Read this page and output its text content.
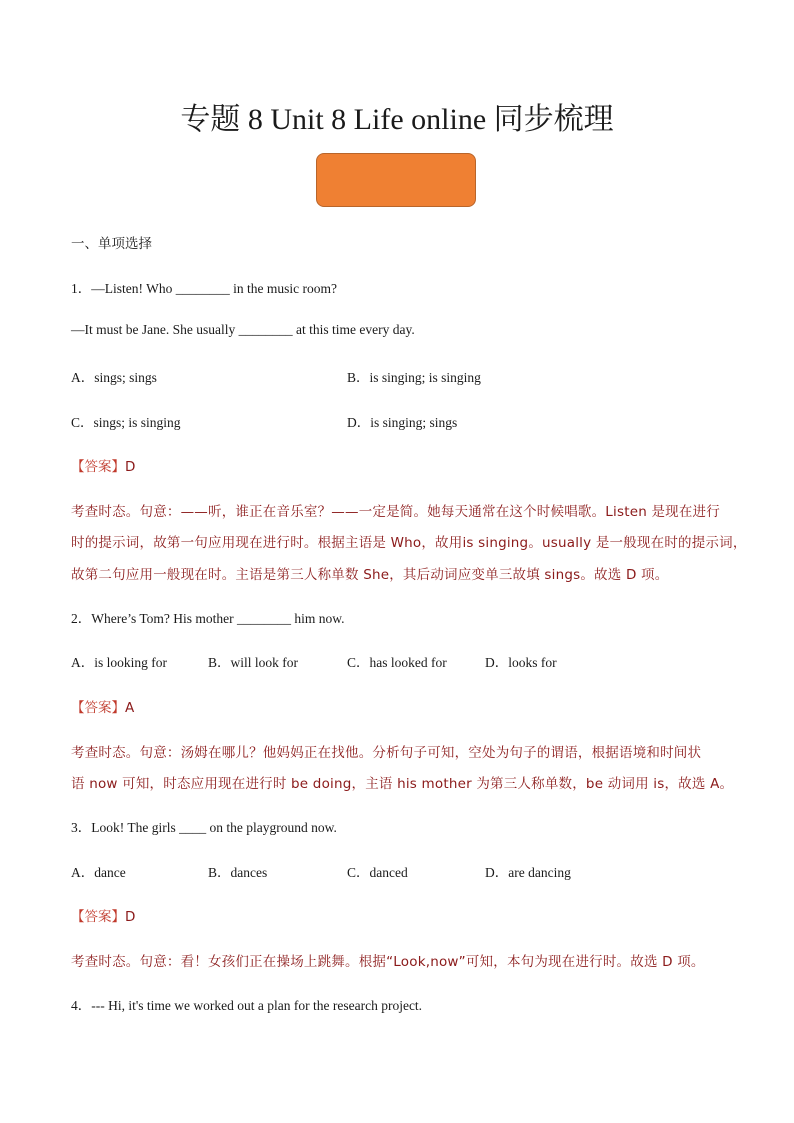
专题 8 Unit 8 Life online 同步梳理
一、单项选择
1．—Listen! Who ________ in the music room?
—It must be Jane. She usually ________ at this time every day.
A．sings; sings	B．is singing; is singing
C．sings; is singing	D．is singing; sings
【答案】D
考查时态。句意：——听，谁正在音乐室？——一定是简。她每天通常在这个时候唱歌。Listen 是现在进行
时的提示词，故第一句应用现在进行时。根据主语是 Who，故用is singing。usually 是一般现在时的提示词，
故第二句应用一般现在时。主语是第三人称单数 She，其后动词应变单三故填 sings。故选 D 项。
2．Where’s Tom? His mother ________ him now.
A．is looking for	B．will look for	C．has looked for	D．looks for
【答案】A
考查时态。句意：汤姆在哪儿？他妈妈正在找他。分析句子可知，空处为句子的谓语，根据语境和时间状
语 now 可知，时态应用现在进行时 be doing，主语 his mother 为第三人称单数，be 动词用 is，故选 A。
3．Look! The girls ____ on the playground now.
A．dance	B．dances	C．danced	D．are dancing
【答案】D
考查时态。句意：看！女孩们正在操场上跳舞。根据“Look,now”可知，本句为现在进行时。故选 D 项。
4．--- Hi, it's time we worked out a plan for the research project.
